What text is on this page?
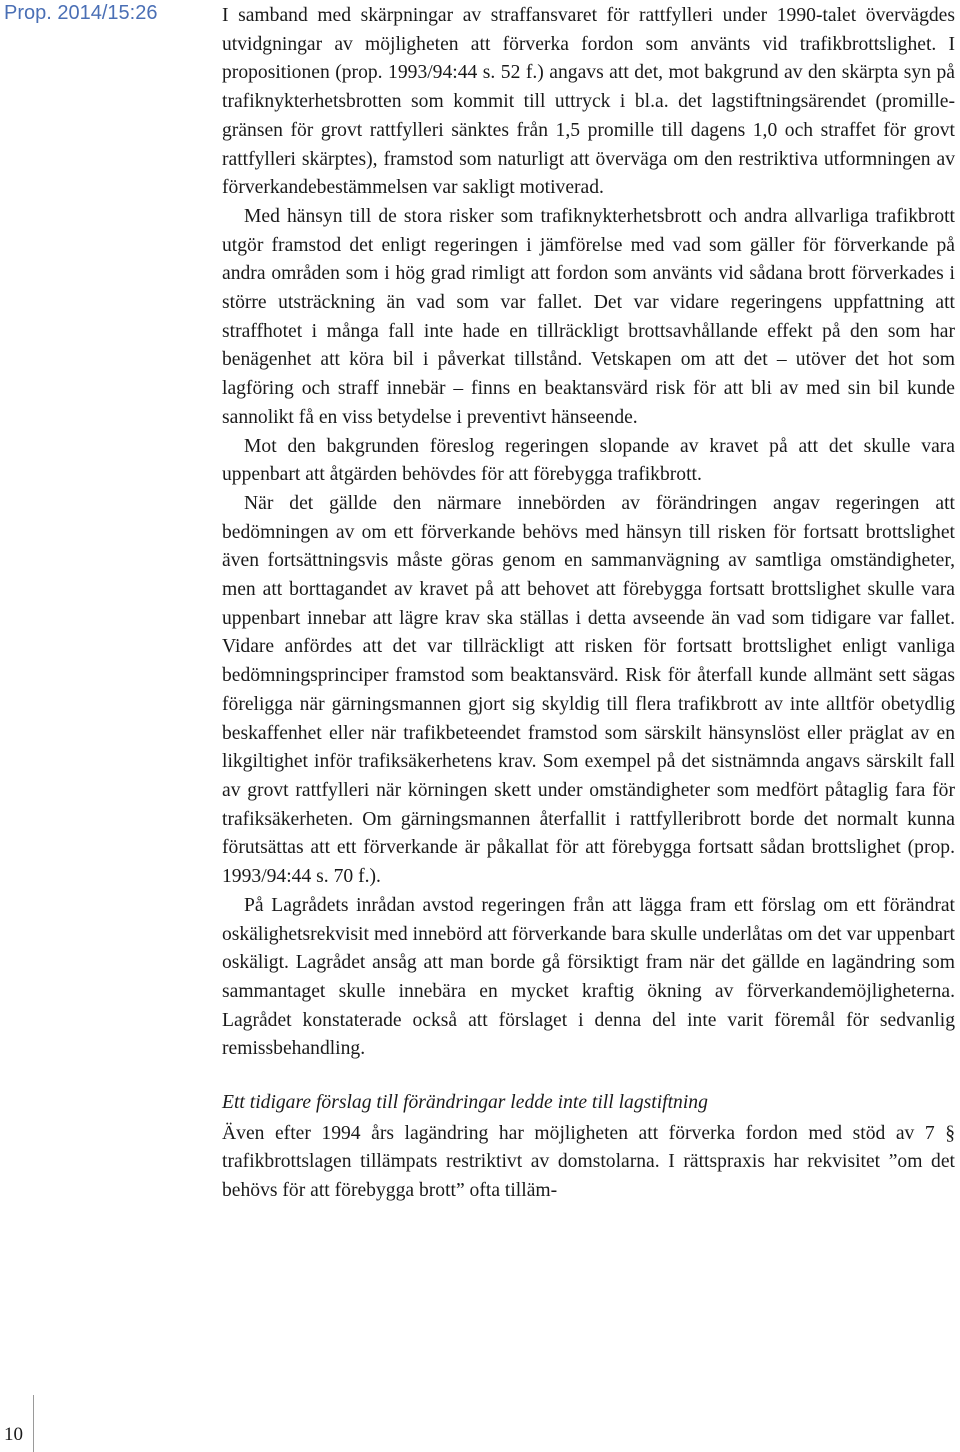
Prop. 2014/15:26	I samband med skärpningar av straffansvaret för rattfylleri under 1990-talet övervägdes utvidgningar av möjligheten att förverka fordon som använts vid trafikbrottslighet. I propositionen (prop. 1993/94:44 s. 52 f.) angavs att det, mot bakgrund av den skärpta syn på trafiknykterhetsbrotten som kommit till uttryck i bl.a. det lagstiftningsärendet (promillegränsen för grovt rattfylleri sänktes från 1,5 promille till dagens 1,0 och straffet för grovt rattfylleri skärptes), framstod som naturligt att överväga om den restriktiva utformningen av förverkandebestämmelsen var sakligt motiverad.

Med hänsyn till de stora risker som trafiknykterhetsbrott och andra allvarliga trafikbrott utgör framstod det enligt regeringen i jämförelse med vad som gäller för förverkande på andra områden som i hög grad rimligt att fordon som använts vid sådana brott förverkades i större utsträckning än vad som var fallet. Det var vidare regeringens uppfattning att straffhotet i många fall inte hade en tillräckligt brottsavhållande effekt på den som har benägenhet att köra bil i påverkat tillstånd. Vetskapen om att det – utöver det hot som lagföring och straff innebär – finns en beaktansvärd risk för att bli av med sin bil kunde sannolikt få en viss betydelse i preventivt hänseende.

Mot den bakgrunden föreslog regeringen slopande av kravet på att det skulle vara uppenbart att åtgärden behövdes för att förebygga trafikbrott.

När det gällde den närmare innebörden av förändringen angav regeringen att bedömningen av om ett förverkande behövs med hänsyn till risken för fortsatt brottslighet även fortsättningsvis måste göras genom en sammanvägning av samtliga omständigheter, men att borttagandet av kravet på att behovet att förebygga fortsatt brottslighet skulle vara uppenbart innebar att lägre krav ska ställas i detta avseende än vad som tidigare var fallet. Vidare anfördes att det var tillräckligt att risken för fortsatt brottslighet enligt vanliga bedömningsprinciper framstod som beaktansvärd. Risk för återfall kunde allmänt sett sägas föreligga när gärningsmannen gjort sig skyldig till flera trafikbrott av inte alltför obetydlig beskaffenhet eller när trafikbeteendet framstod som särskilt hänsynslöst eller präglat av en likgiltighet inför trafiksäkerhetens krav. Som exempel på det sistnämnda angavs särskilt fall av grovt rattfylleri när körningen skett under omständigheter som medfört påtaglig fara för trafiksäkerheten. Om gärningsmannen återfallit i rattfylleribrott borde det normalt kunna förutsättas att ett förverkande är påkallat för att förebygga fortsatt sådan brottslighet (prop. 1993/94:44 s. 70 f.).

På Lagrådets inrådan avstod regeringen från att lägga fram ett förslag om ett förändrat oskälighetsrekvisit med innebörd att förverkande bara skulle underlåtas om det var uppenbart oskäligt. Lagrådet ansåg att man borde gå försiktigt fram när det gällde en lagändring som sammantaget skulle innebära en mycket kraftig ökning av förverkandemöjligheterna. Lagrådet konstaterade också att förslaget i denna del inte varit föremål för sedvanlig remissbehandling.

Ett tidigare förslag till förändringar ledde inte till lagstiftning

Även efter 1994 års lagändring har möjligheten att förverka fordon med stöd av 7 § trafikbrottslagen tillämpats restriktivt av domstolarna. I rättspraxis har rekvisitet ”om det behövs för att förebygga brott” ofta tilläm-

10
